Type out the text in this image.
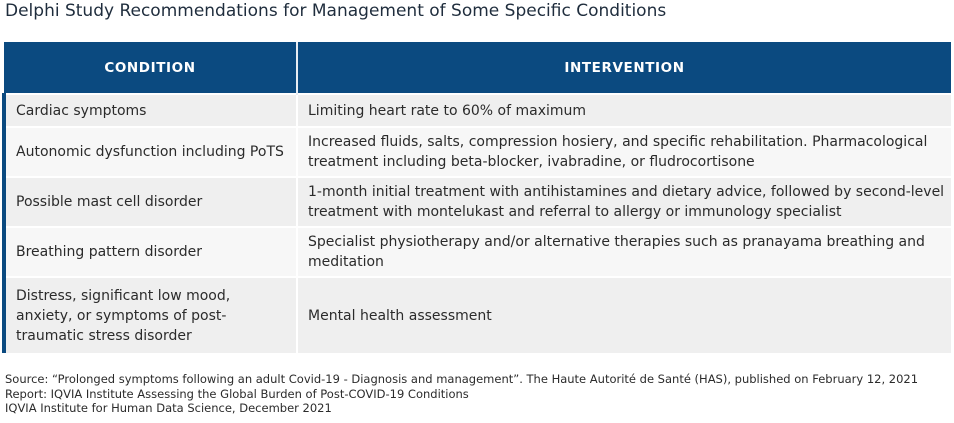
Delphi Study Recommendations for Management of Some Specific Conditions
CONDITION	INTERVENTION
Cardiac symptoms	Limiting heart rate to 60% of maximum
Autonomic dysfunction including PoTS	Increased fluids, salts, compression hosiery, and specific rehabilitation. Pharmacological treatment including beta-blocker, ivabradine, or fludrocortisone
Possible mast cell disorder	1-month initial treatment with antihistamines and dietary advice, followed by second-level treatment with montelukast and referral to allergy or immunology specialist
Breathing pattern disorder	Specialist physiotherapy and/or alternative therapies such as pranayama breathing and meditation
Distress, significant low mood, anxiety, or symptoms of post-traumatic stress disorder	Mental health assessment
Source: “Prolonged symptoms following an adult Covid-19 - Diagnosis and management”. The Haute Autorité de Santé (HAS), published on February 12, 2021
Report: IQVIA Institute Assessing the Global Burden of Post-COVID-19 Conditions
IQVIA Institute for Human Data Science, December 2021
